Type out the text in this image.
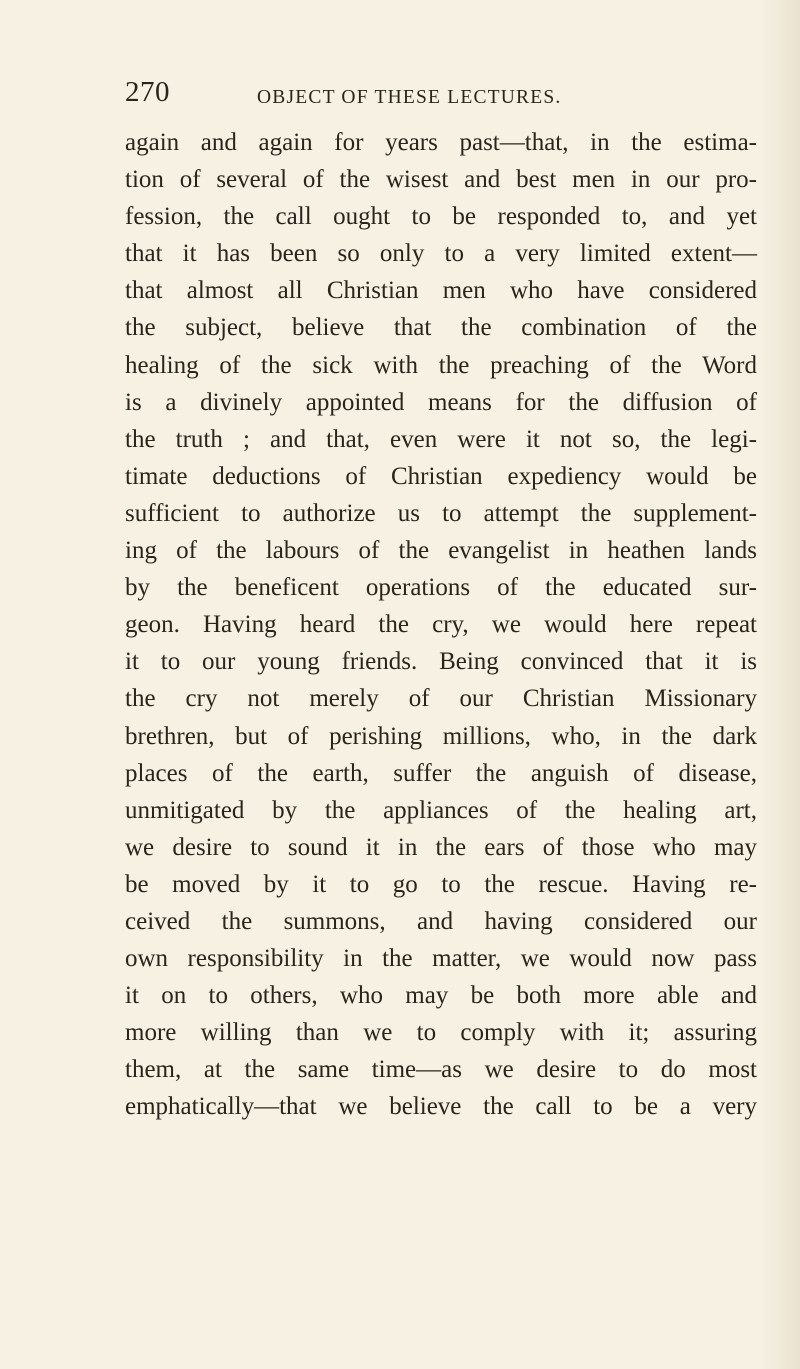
270	OBJECT OF THESE LECTURES.
again and again for years past—that, in the estima-
tion of several of the wisest and best men in our pro-
fession, the call ought to be responded to, and yet
that it has been so only to a very limited extent—
that almost all Christian men who have considered
the subject, believe that the combination of the
healing of the sick with the preaching of the Word
is a divinely appointed means for the diffusion of
the truth ; and that, even were it not so, the legi-
timate deductions of Christian expediency would be
sufficient to authorize us to attempt the supplement-
ing of the labours of the evangelist in heathen lands
by the beneficent operations of the educated sur-
geon. Having heard the cry, we would here repeat
it to our young friends. Being convinced that it is
the cry not merely of our Christian Missionary
brethren, but of perishing millions, who, in the dark
places of the earth, suffer the anguish of disease,
unmitigated by the appliances of the healing art,
we desire to sound it in the ears of those who may
be moved by it to go to the rescue. Having re-
ceived the summons, and having considered our
own responsibility in the matter, we would now pass
it on to others, who may be both more able and
more willing than we to comply with it; assuring
them, at the same time—as we desire to do most
emphatically—that we believe the call to be a very
